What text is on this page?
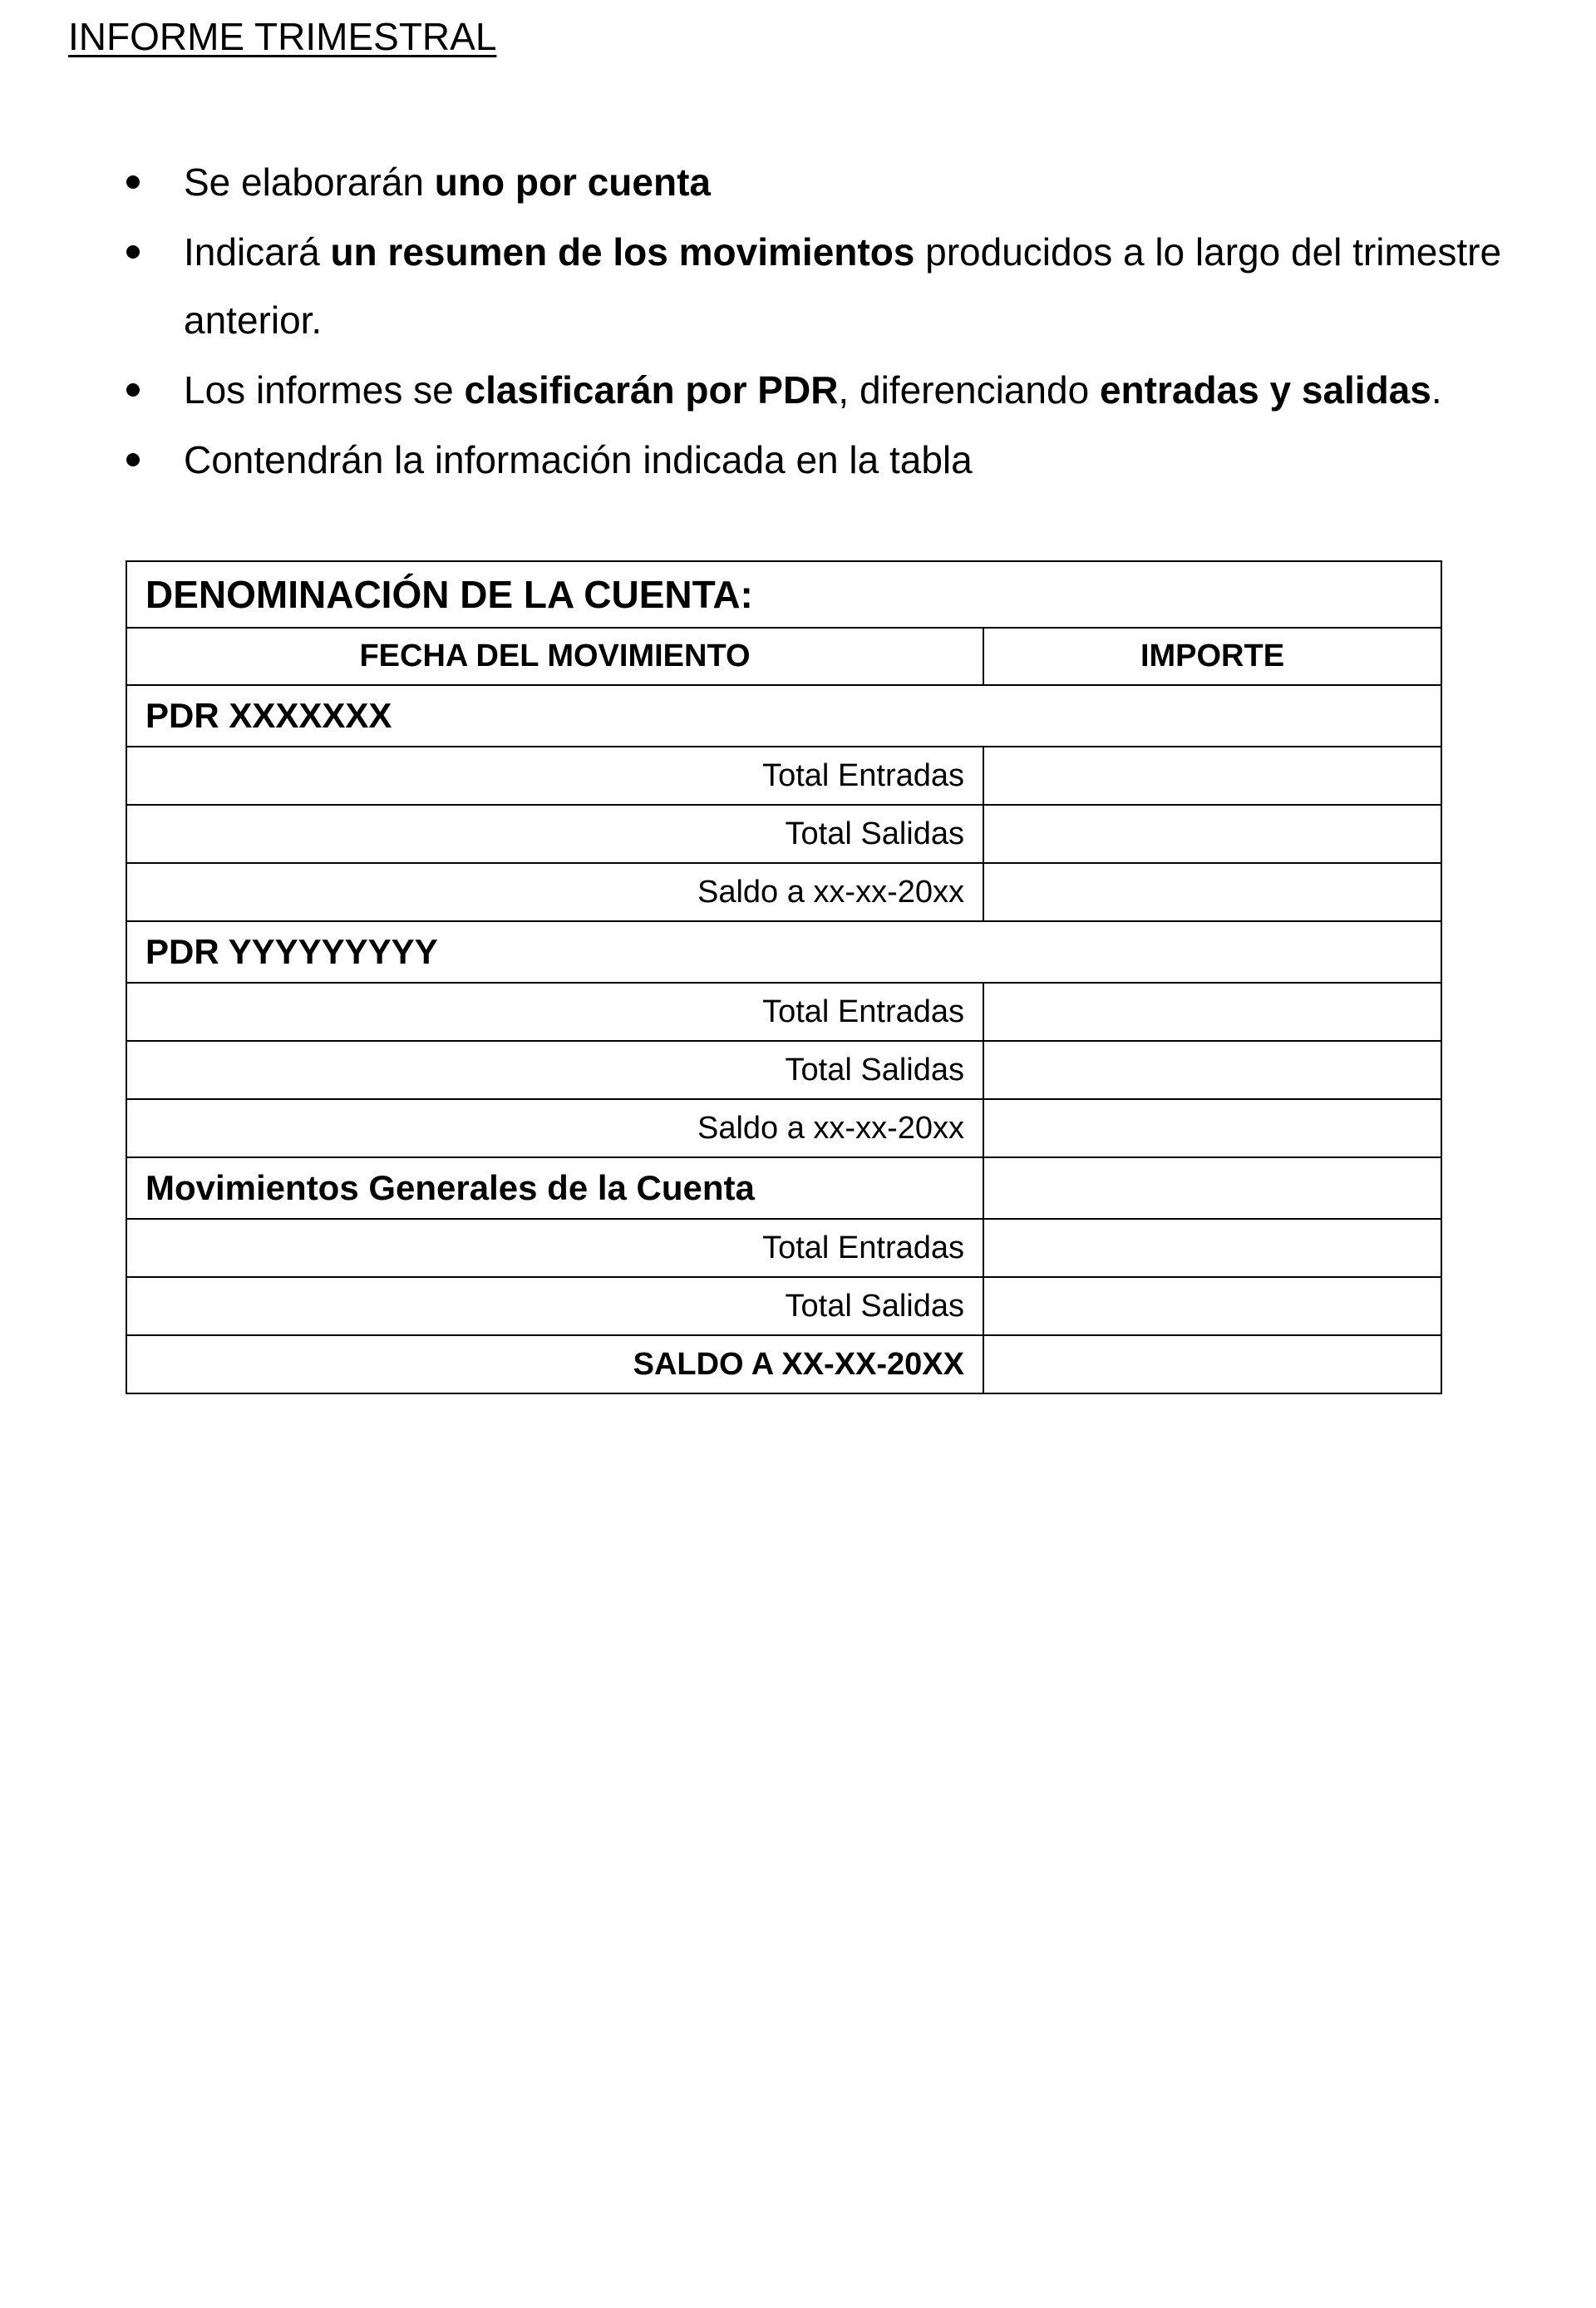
INFORME TRIMESTRAL
Se elaborarán uno por cuenta
Indicará un resumen de los movimientos producidos a lo largo del trimestre anterior.
Los informes se clasificarán por PDR, diferenciando entradas y salidas.
Contendrán la información indicada en la tabla
DENOMINACIÓN DE LA CUENTA:	
FECHA DEL MOVIMIENTO	IMPORTE
PDR XXXXXXX	
Total Entradas	
Total Salidas	
Saldo a xx-xx-20xx	
PDR YYYYYYYYY	
Total Entradas	
Total Salidas	
Saldo a xx-xx-20xx	
Movimientos Generales de la Cuenta	
Total Entradas	
Total Salidas	
SALDO A XX-XX-20XX	
